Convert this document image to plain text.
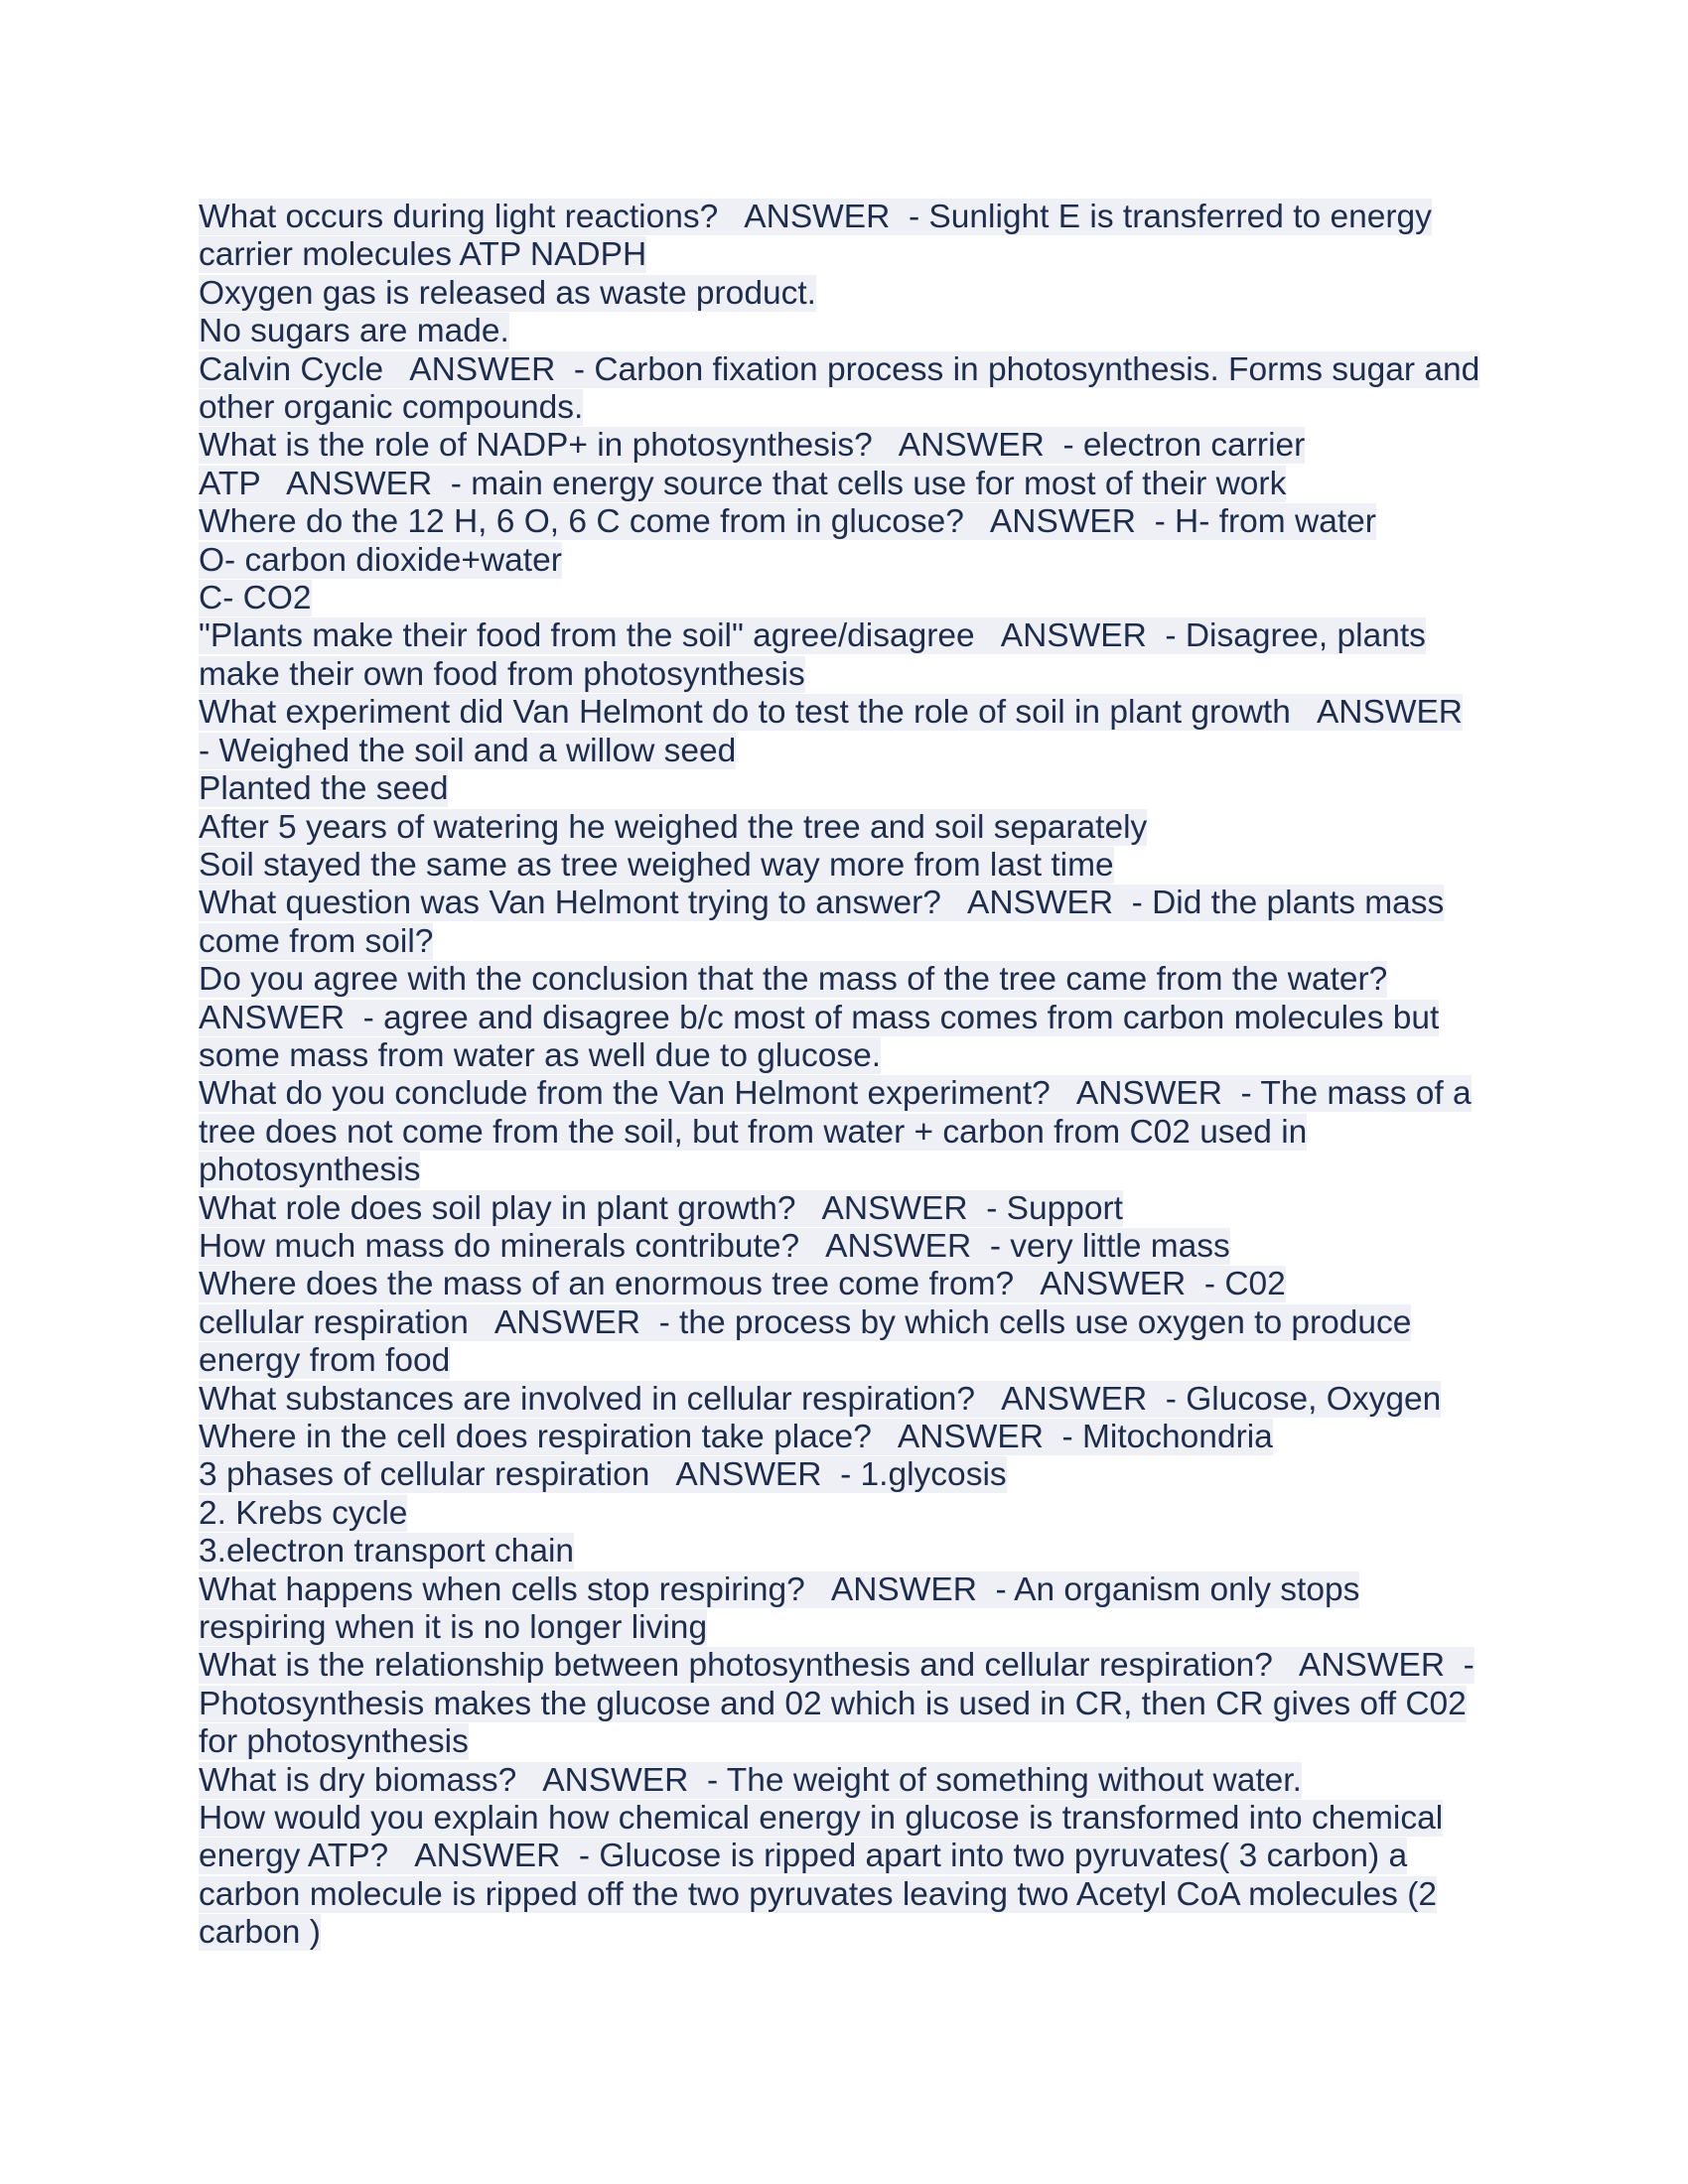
What occurs during light reactions?   ANSWER  - Sunlight E is transferred to energy
carrier molecules ATP NADPH
Oxygen gas is released as waste product.
No sugars are made.
Calvin Cycle   ANSWER  - Carbon fixation process in photosynthesis. Forms sugar and
other organic compounds.
What is the role of NADP+ in photosynthesis?   ANSWER  - electron carrier
ATP   ANSWER  - main energy source that cells use for most of their work
Where do the 12 H, 6 O, 6 C come from in glucose?   ANSWER  - H- from water
O- carbon dioxide+water
C- CO2
"Plants make their food from the soil" agree/disagree   ANSWER  - Disagree, plants
make their own food from photosynthesis
What experiment did Van Helmont do to test the role of soil in plant growth   ANSWER
- Weighed the soil and a willow seed
Planted the seed
After 5 years of watering he weighed the tree and soil separately
Soil stayed the same as tree weighed way more from last time
What question was Van Helmont trying to answer?   ANSWER  - Did the plants mass
come from soil?
Do you agree with the conclusion that the mass of the tree came from the water?
ANSWER  - agree and disagree b/c most of mass comes from carbon molecules but
some mass from water as well due to glucose.
What do you conclude from the Van Helmont experiment?   ANSWER  - The mass of a
tree does not come from the soil, but from water + carbon from C02 used in
photosynthesis
What role does soil play in plant growth?   ANSWER  - Support
How much mass do minerals contribute?   ANSWER  - very little mass
Where does the mass of an enormous tree come from?   ANSWER  - C02
cellular respiration   ANSWER  - the process by which cells use oxygen to produce
energy from food
What substances are involved in cellular respiration?   ANSWER  - Glucose, Oxygen
Where in the cell does respiration take place?   ANSWER  - Mitochondria
3 phases of cellular respiration   ANSWER  - 1.glycosis
2. Krebs cycle
3.electron transport chain
What happens when cells stop respiring?   ANSWER  - An organism only stops
respiring when it is no longer living
What is the relationship between photosynthesis and cellular respiration?   ANSWER  -
Photosynthesis makes the glucose and 02 which is used in CR, then CR gives off C02
for photosynthesis
What is dry biomass?   ANSWER  - The weight of something without water.
How would you explain how chemical energy in glucose is transformed into chemical
energy ATP?   ANSWER  - Glucose is ripped apart into two pyruvates( 3 carbon) a
carbon molecule is ripped off the two pyruvates leaving two Acetyl CoA molecules (2
carbon )
